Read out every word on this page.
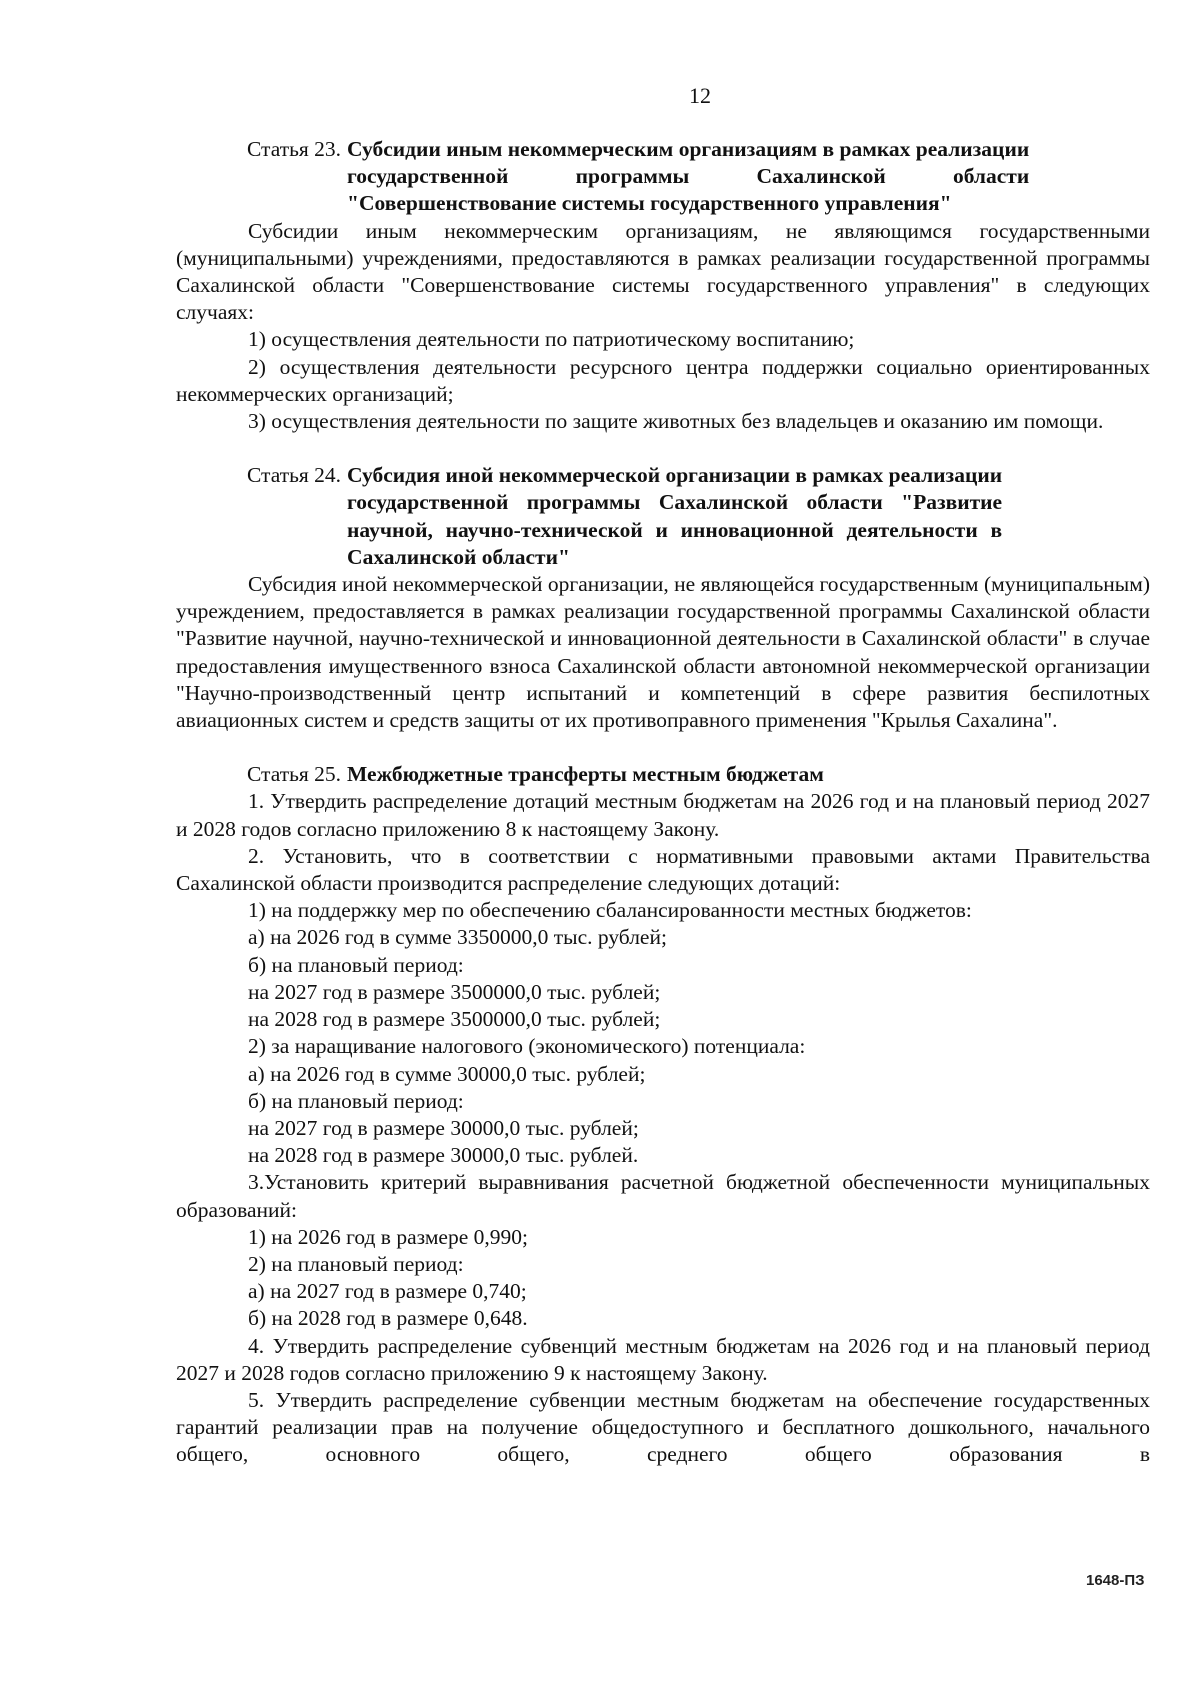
12
Статья 23. Субсидии иным некоммерческим организациям в рамках реализации
государственной программы Сахалинской области
"Совершенствование системы государственного управления"

Субсидии иным некоммерческим организациям, не являющимся государственными (муниципальными) учреждениями, предоставляются в рамках реализации государственной программы Сахалинской области "Совершенствование системы государственного управления" в следующих случаях:

1) осуществления деятельности по патриотическому воспитанию;

2) осуществления деятельности ресурсного центра поддержки социально ориентированных некоммерческих организаций;

3) осуществления деятельности по защите животных без владельцев и оказанию им помощи.

Статья 24. Субсидия иной некоммерческой организации в рамках реализации
государственной программы Сахалинской области "Развитие
научной, научно-технической и инновационной деятельности в
Сахалинской области"

Субсидия иной некоммерческой организации, не являющейся государственным (муниципальным) учреждением, предоставляется в рамках реализации государственной программы Сахалинской области "Развитие научной, научно-технической и инновационной деятельности в Сахалинской области" в случае предоставления имущественного взноса Сахалинской области автономной некоммерческой организации "Научно-производственный центр испытаний и компетенций в сфере развития беспилотных авиационных систем и средств защиты от их противоправного применения "Крылья Сахалина".

Статья 25. Межбюджетные трансферты местным бюджетам

1. Утвердить распределение дотаций местным бюджетам на 2026 год и на плановый период 2027 и 2028 годов согласно приложению 8 к настоящему Закону.

2. Установить, что в соответствии с нормативными правовыми актами Правительства Сахалинской области производится распределение следующих дотаций:

1) на поддержку мер по обеспечению сбалансированности местных бюджетов:

а) на 2026 год в сумме 3350000,0 тыс. рублей;

б) на плановый период:

на 2027 год в размере 3500000,0 тыс. рублей;

на 2028 год в размере 3500000,0 тыс. рублей;

2) за наращивание налогового (экономического) потенциала:

а) на 2026 год в сумме 30000,0 тыс. рублей;

б) на плановый период:

на 2027 год в размере 30000,0 тыс. рублей;

на 2028 год в размере 30000,0 тыс. рублей.

3.Установить критерий выравнивания расчетной бюджетной обеспеченности муниципальных образований:

1) на 2026 год в размере 0,990;

2) на плановый период:

а) на 2027 год в размере 0,740;

б) на 2028 год в размере 0,648.

4. Утвердить распределение субвенций местным бюджетам на 2026 год и на плановый период 2027 и 2028 годов согласно приложению 9 к настоящему Закону.

5. Утвердить распределение субвенции местным бюджетам на обеспечение государственных гарантий реализации прав на получение общедоступного и бесплатного дошкольного, начального общего, основного общего, среднего общего образования в

1648-ПЗ
